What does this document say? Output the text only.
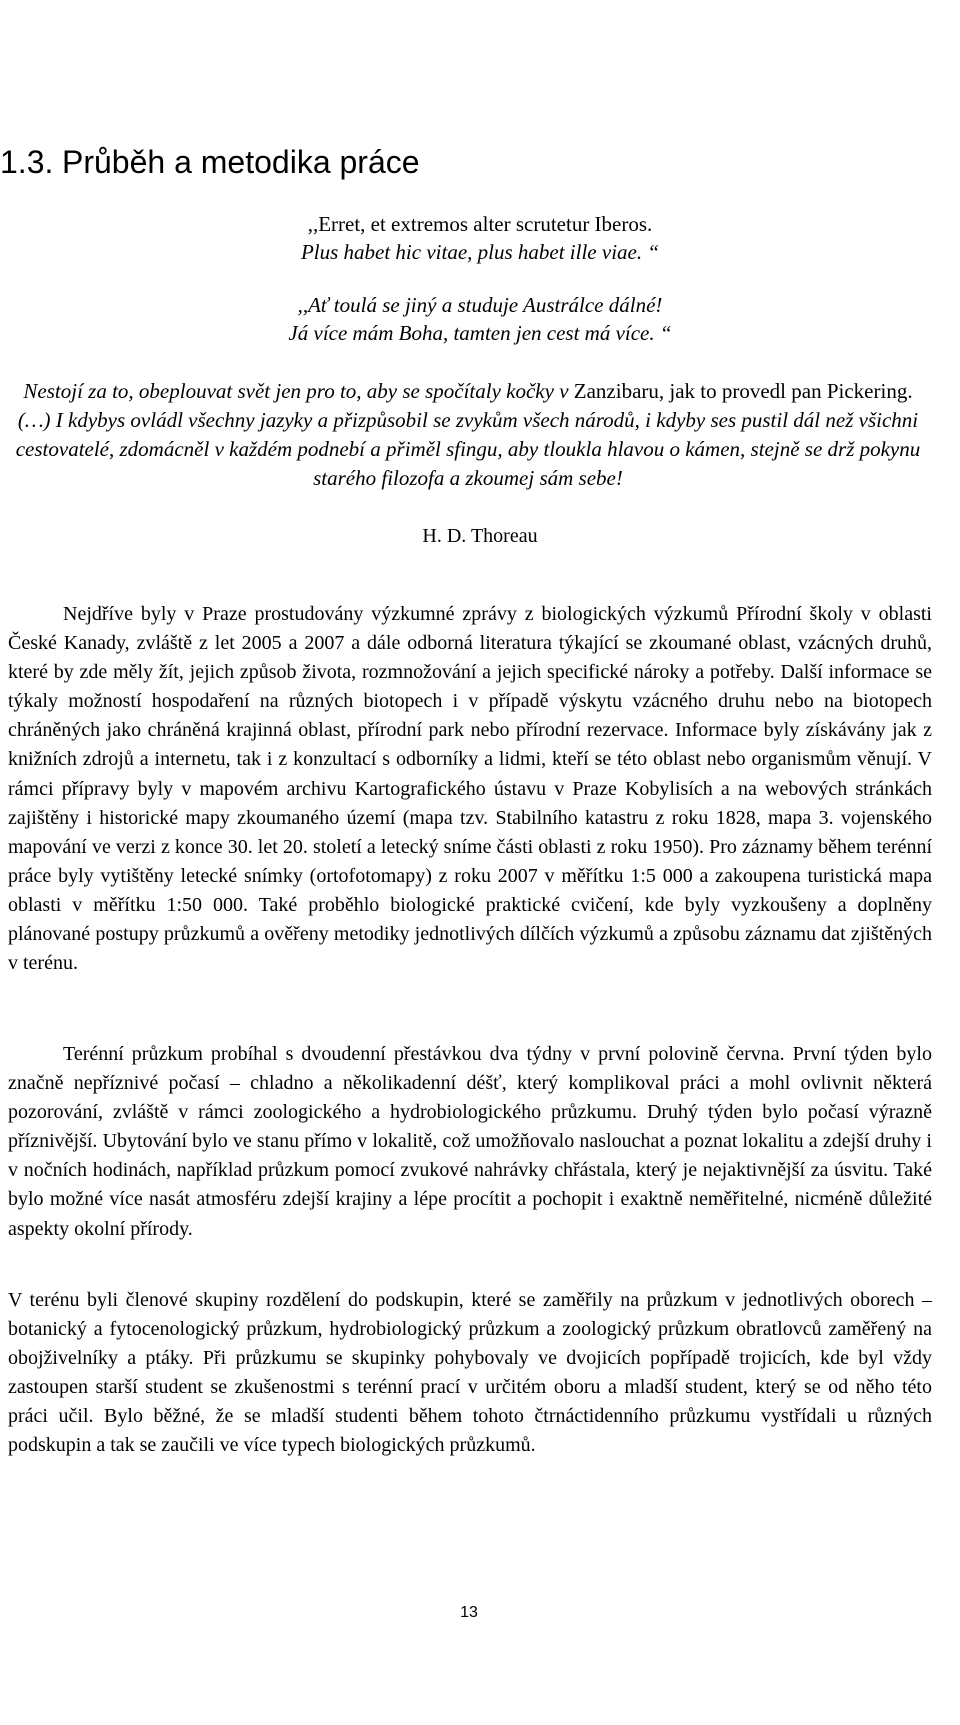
1.3. Průběh a metodika práce
,,Erret, et extremos alter scrutetur Iberos.
Plus habet hic vitae, plus habet ille viae. “
,,Ať toulá se jiný a studuje Austrálce dálné!
Já více mám Boha, tamten jen cest má více. “
Nestojí za to, obeplouvat svět jen pro to, aby se spočítaly kočky v Zanzibaru, jak to provedl pan Pickering. (…) I kdybys ovládl všechny jazyky a přizpůsobil se zvykům všech národů, i kdyby ses pustil dál než všichni cestovatelé, zdomácněl v každém podnebí a přiměl sfingu, aby tloukla hlavou o kámen, stejně se drž pokynu starého filozofa a zkoumej sám sebe!
H. D. Thoreau

Nejdříve byly v Praze prostudovány výzkumné zprávy z biologických výzkumů Přírodní školy v oblasti České Kanady, zvláště z let 2005 a 2007 a dále odborná literatura týkající se zkoumané oblast, vzácných druhů, které by zde měly žít, jejich způsob života, rozmnožování a jejich specifické nároky a potřeby. Další informace se týkaly možností hospodaření na různých biotopech i v případě výskytu vzácného druhu nebo na biotopech chráněných jako chráněná krajinná oblast, přírodní park nebo přírodní rezervace. Informace byly získávány jak z knižních zdrojů a internetu, tak i z konzultací s odborníky a lidmi, kteří se této oblast nebo organismům věnují. V rámci přípravy byly v mapovém archivu Kartografického ústavu v Praze Kobylisích a na webových stránkách zajištěny i historické mapy zkoumaného území (mapa tzv. Stabilního katastru z roku 1828, mapa 3. vojenského mapování ve verzi z konce 30. let 20. století a letecký sníme části oblasti z roku 1950). Pro záznamy během terénní práce byly vytištěny letecké snímky (ortofotomapy) z roku 2007 v měřítku 1:5 000 a zakoupena turistická mapa oblasti v měřítku 1:50 000. Také proběhlo biologické praktické cvičení, kde byly vyzkoušeny a doplněny plánované postupy průzkumů a ověřeny metodiky jednotlivých dílčích výzkumů a způsobu záznamu dat zjištěných v terénu.

Terénní průzkum probíhal s dvoudenní přestávkou dva týdny v první polovině června. První týden bylo značně nepříznivé počasí – chladno a několikadenní déšť, který komplikoval práci a mohl ovlivnit některá pozorování, zvláště v rámci zoologického a hydrobiologického průzkumu. Druhý týden bylo počasí výrazně příznivější. Ubytování bylo ve stanu přímo v lokalitě, což umožňovalo naslouchat a poznat lokalitu a zdejší druhy i v nočních hodinách, například průzkum pomocí zvukové nahrávky chřástala, který je nejaktivnější za úsvitu. Také bylo možné více nasát atmosféru zdejší krajiny a lépe procítit a pochopit i exaktně neměřitelné, nicméně důležité aspekty okolní přírody.

V terénu byli členové skupiny rozdělení do podskupin, které se zaměřily na průzkum v jednotlivých oborech – botanický a fytocenologický průzkum, hydrobiologický průzkum a zoologický průzkum obratlovců zaměřený na obojživelníky a ptáky. Při průzkumu se skupinky pohybovaly ve dvojicích popřípadě trojicích, kde byl vždy zastoupen starší student se zkušenostmi s terénní prací v určitém oboru a mladší student, který se od něho této práci učil. Bylo běžné, že se mladší studenti během tohoto čtrnáctidenního průzkumu vystřídali u různých podskupin a tak se zaučili ve více typech biologických průzkumů.

13
